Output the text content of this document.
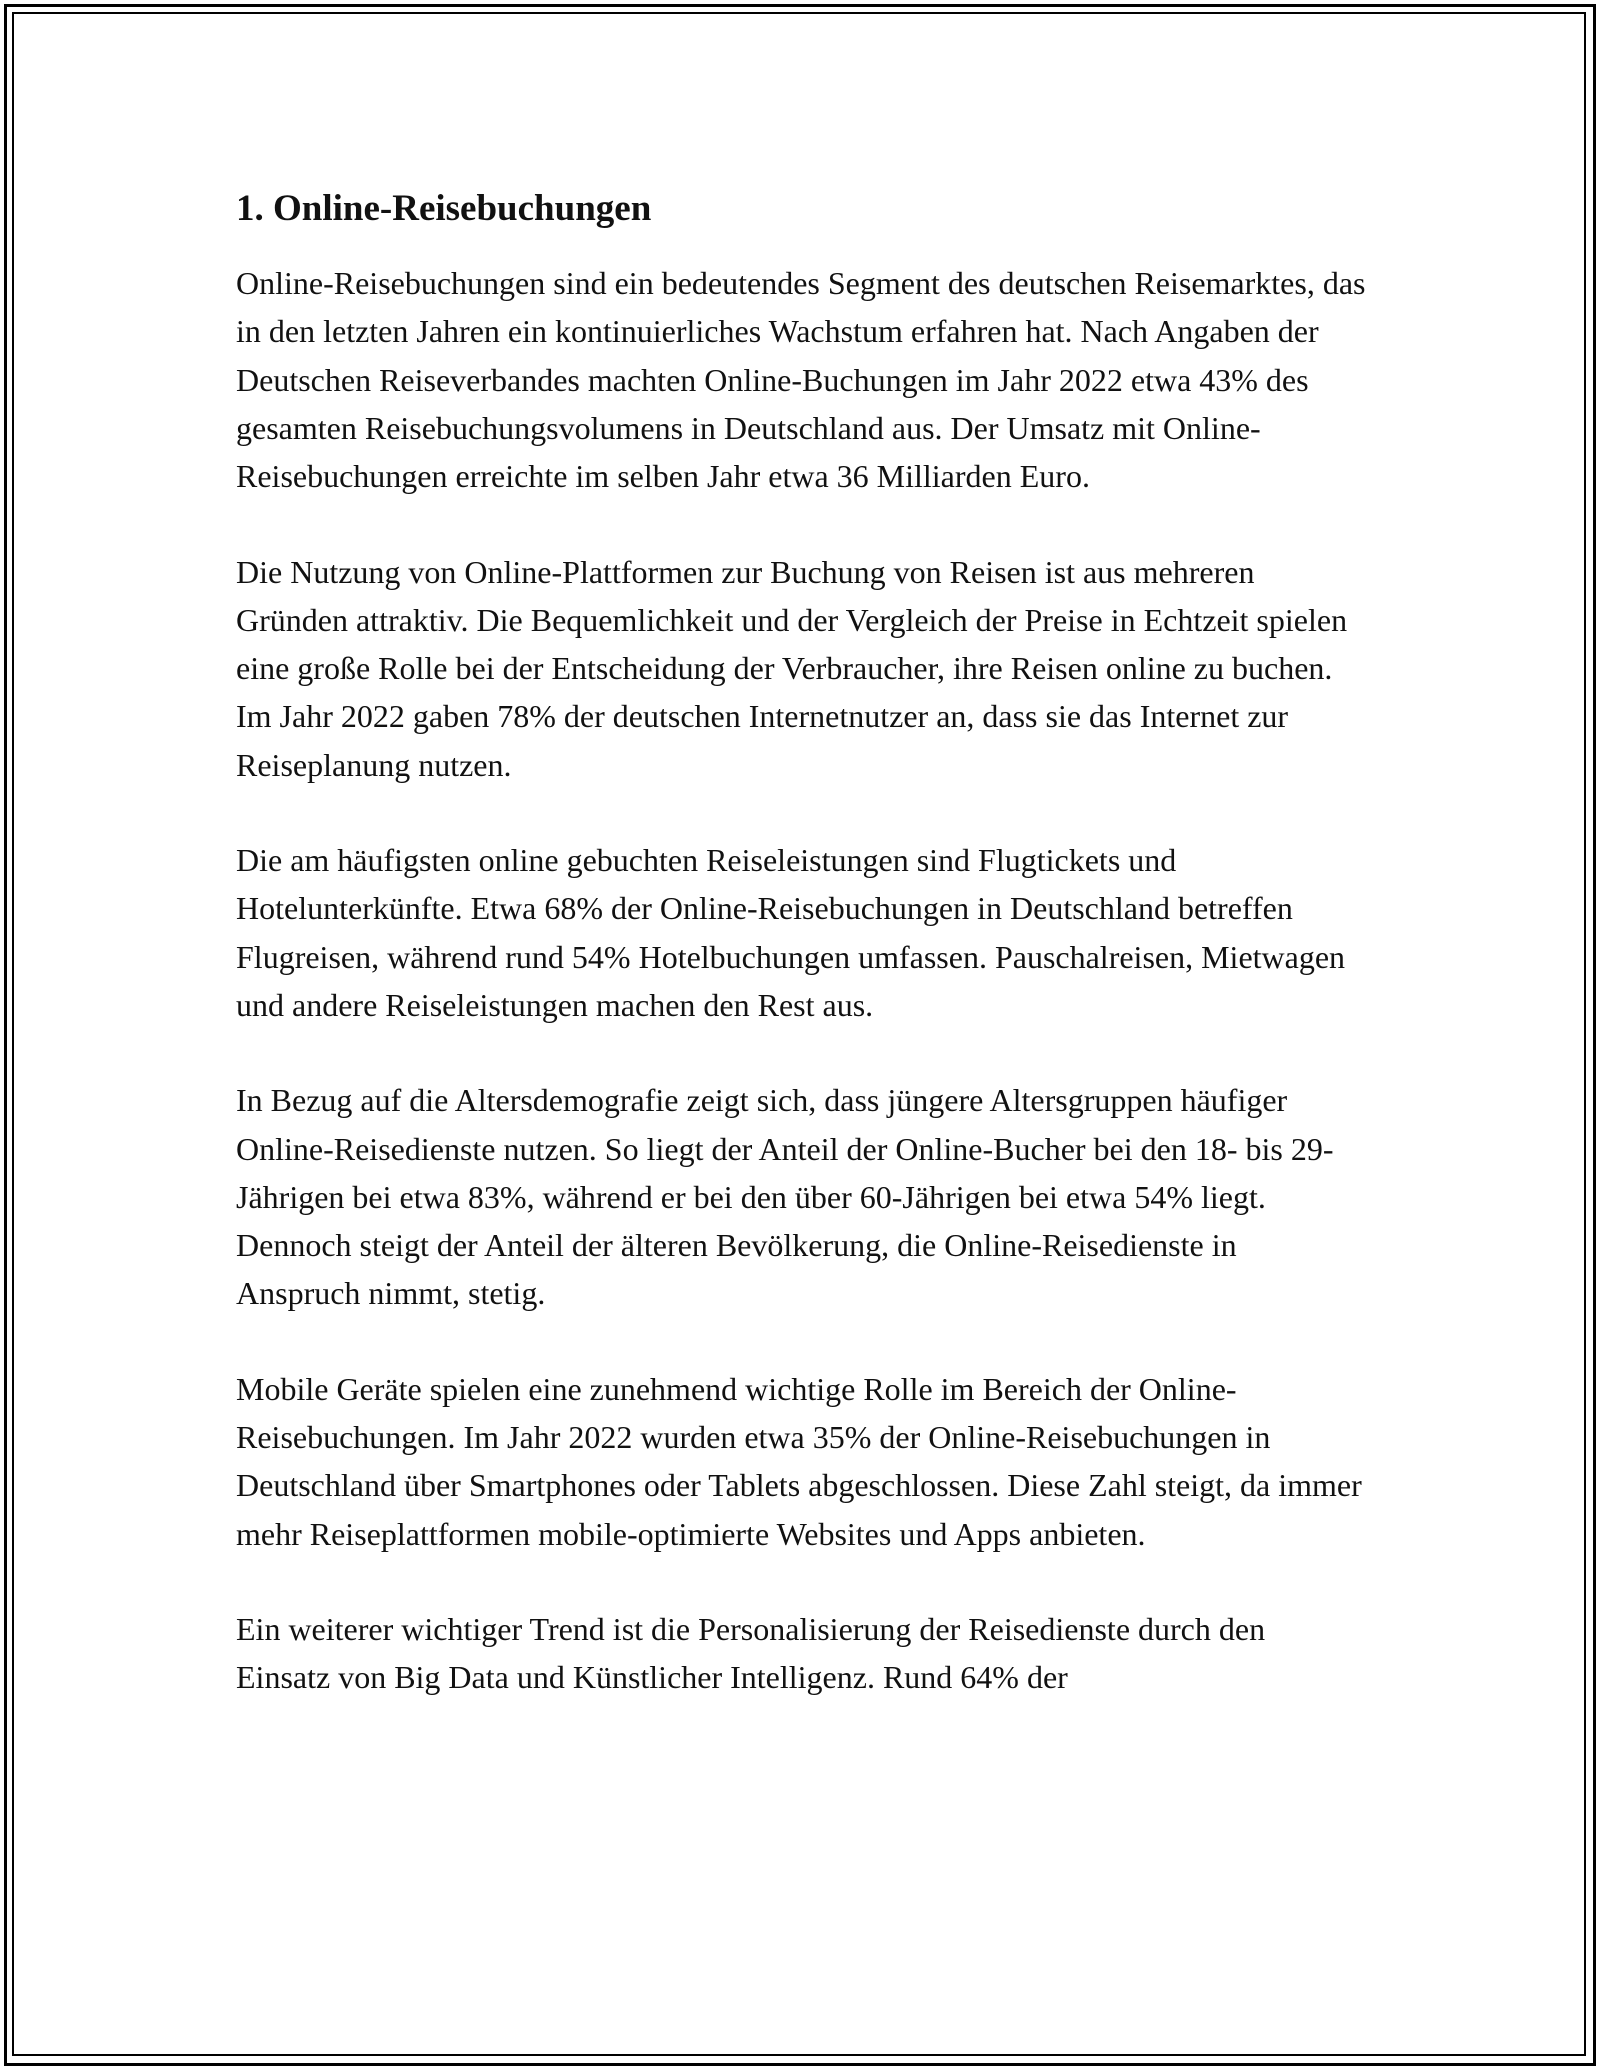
1. Online-Reisebuchungen

Online-Reisebuchungen sind ein bedeutendes Segment des deutschen Reisemarktes, das in den letzten Jahren ein kontinuierliches Wachstum erfahren hat. Nach Angaben der Deutschen Reiseverbandes machten Online-Buchungen im Jahr 2022 etwa 43% des gesamten Reisebuchungsvolumens in Deutschland aus. Der Umsatz mit Online-Reisebuchungen erreichte im selben Jahr etwa 36 Milliarden Euro.

Die Nutzung von Online-Plattformen zur Buchung von Reisen ist aus mehreren Gründen attraktiv. Die Bequemlichkeit und der Vergleich der Preise in Echtzeit spielen eine große Rolle bei der Entscheidung der Verbraucher, ihre Reisen online zu buchen. Im Jahr 2022 gaben 78% der deutschen Internetnutzer an, dass sie das Internet zur Reiseplanung nutzen.

Die am häufigsten online gebuchten Reiseleistungen sind Flugtickets und Hotelunterkünfte. Etwa 68% der Online-Reisebuchungen in Deutschland betreffen Flugreisen, während rund 54% Hotelbuchungen umfassen. Pauschalreisen, Mietwagen und andere Reiseleistungen machen den Rest aus.

In Bezug auf die Altersdemografie zeigt sich, dass jüngere Altersgruppen häufiger Online-Reisedienste nutzen. So liegt der Anteil der Online-Bucher bei den 18- bis 29-Jährigen bei etwa 83%, während er bei den über 60-Jährigen bei etwa 54% liegt. Dennoch steigt der Anteil der älteren Bevölkerung, die Online-Reisedienste in Anspruch nimmt, stetig.

Mobile Geräte spielen eine zunehmend wichtige Rolle im Bereich der Online-Reisebuchungen. Im Jahr 2022 wurden etwa 35% der Online-Reisebuchungen in Deutschland über Smartphones oder Tablets abgeschlossen. Diese Zahl steigt, da immer mehr Reiseplattformen mobile-optimierte Websites und Apps anbieten.

Ein weiterer wichtiger Trend ist die Personalisierung der Reisedienste durch den Einsatz von Big Data und Künstlicher Intelligenz. Rund 64% der
